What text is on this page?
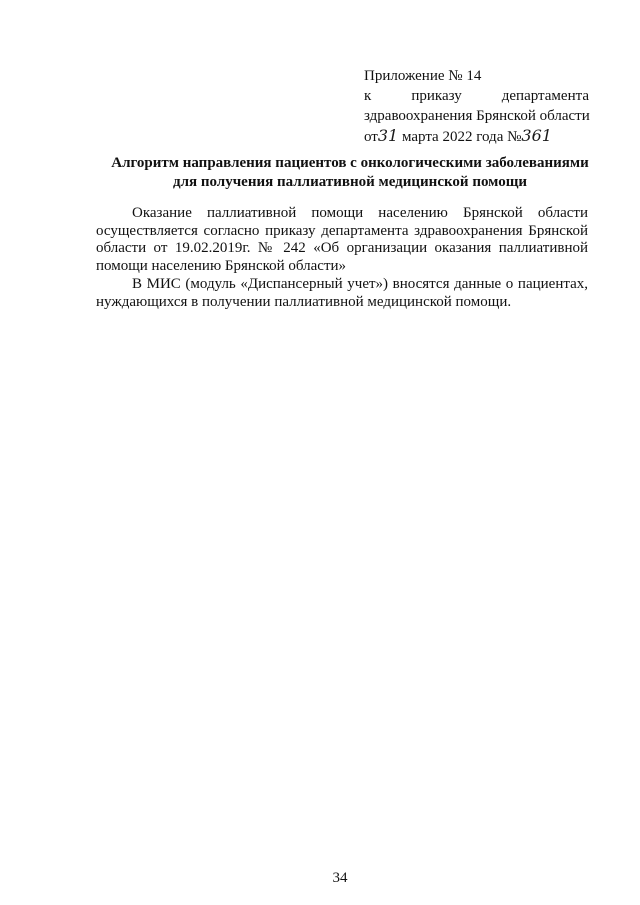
Приложение № 14
к	приказу	департамента
здравоохранения Брянской области
от31 марта 2022 года №361
Алгоритм направления пациентов с онкологическими заболеваниями
для получения паллиативной медицинской помощи

Оказание паллиативной помощи населению Брянской области осуществляется согласно приказу департамента здравоохранения Брянской области от 19.02.2019г. № 242 «Об организации оказания паллиативной помощи населению Брянской области»

В МИС (модуль «Диспансерный учет») вносятся данные о пациентах, нуждающихся в получении паллиативной медицинской помощи.

34
